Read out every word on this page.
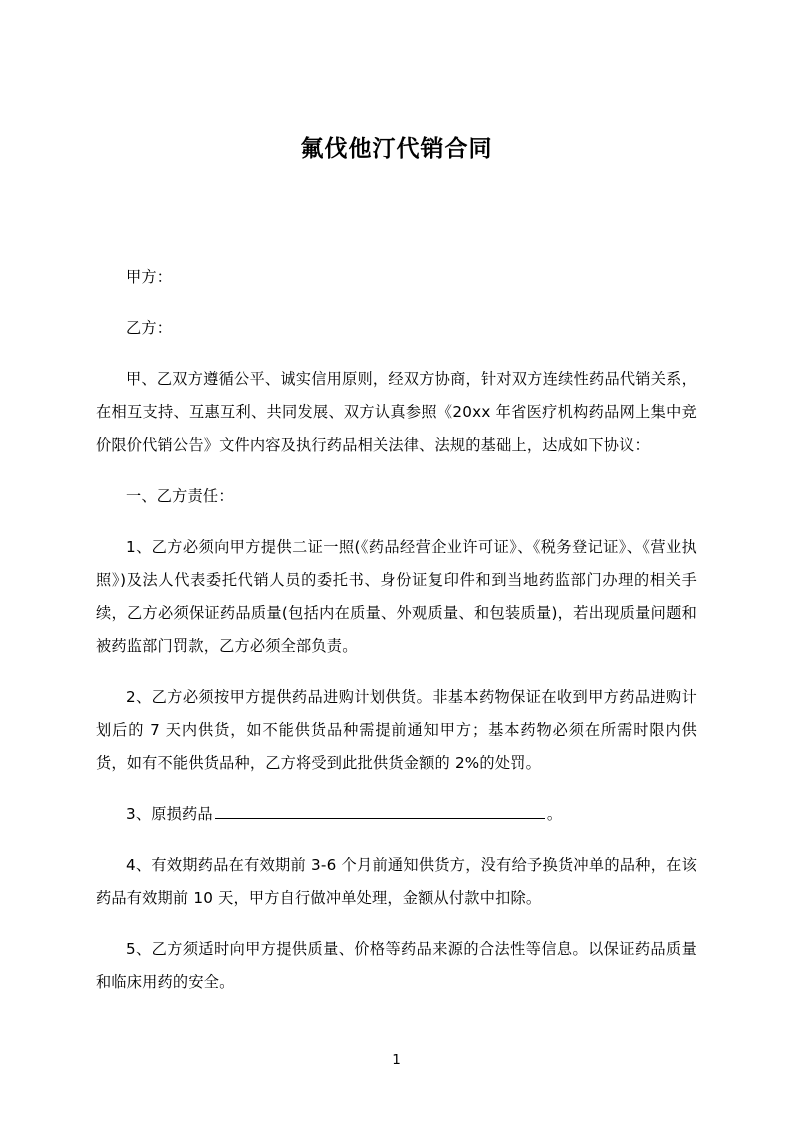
氟伐他汀代销合同

甲方：

乙方：

甲、乙双方遵循公平、诚实信用原则，经双方协商，针对双方连续性药品代销关系，在相互支持、互惠互利、共同发展、双方认真参照《20xx 年省医疗机构药品网上集中竞价限价代销公告》文件内容及执行药品相关法律、法规的基础上，达成如下协议：

一、乙方责任：

1、乙方必须向甲方提供二证一照(《药品经营企业许可证》、《税务登记证》、《营业执照》)及法人代表委托代销人员的委托书、身份证复印件和到当地药监部门办理的相关手续，乙方必须保证药品质量(包括内在质量、外观质量、和包装质量)，若出现质量问题和被药监部门罚款，乙方必须全部负责。

2、乙方必须按甲方提供药品进购计划供货。非基本药物保证在收到甲方药品进购计划后的 7 天内供货，如不能供货品种需提前通知甲方；基本药物必须在所需时限内供货，如有不能供货品种，乙方将受到此批供货金额的 2%的处罚。

3、原损药品	。

4、有效期药品在有效期前 3-6 个月前通知供货方，没有给予换货冲单的品种，在该药品有效期前 10 天，甲方自行做冲单处理，金额从付款中扣除。

5、乙方须适时向甲方提供质量、价格等药品来源的合法性等信息。以保证药品质量和临床用药的安全。

1
